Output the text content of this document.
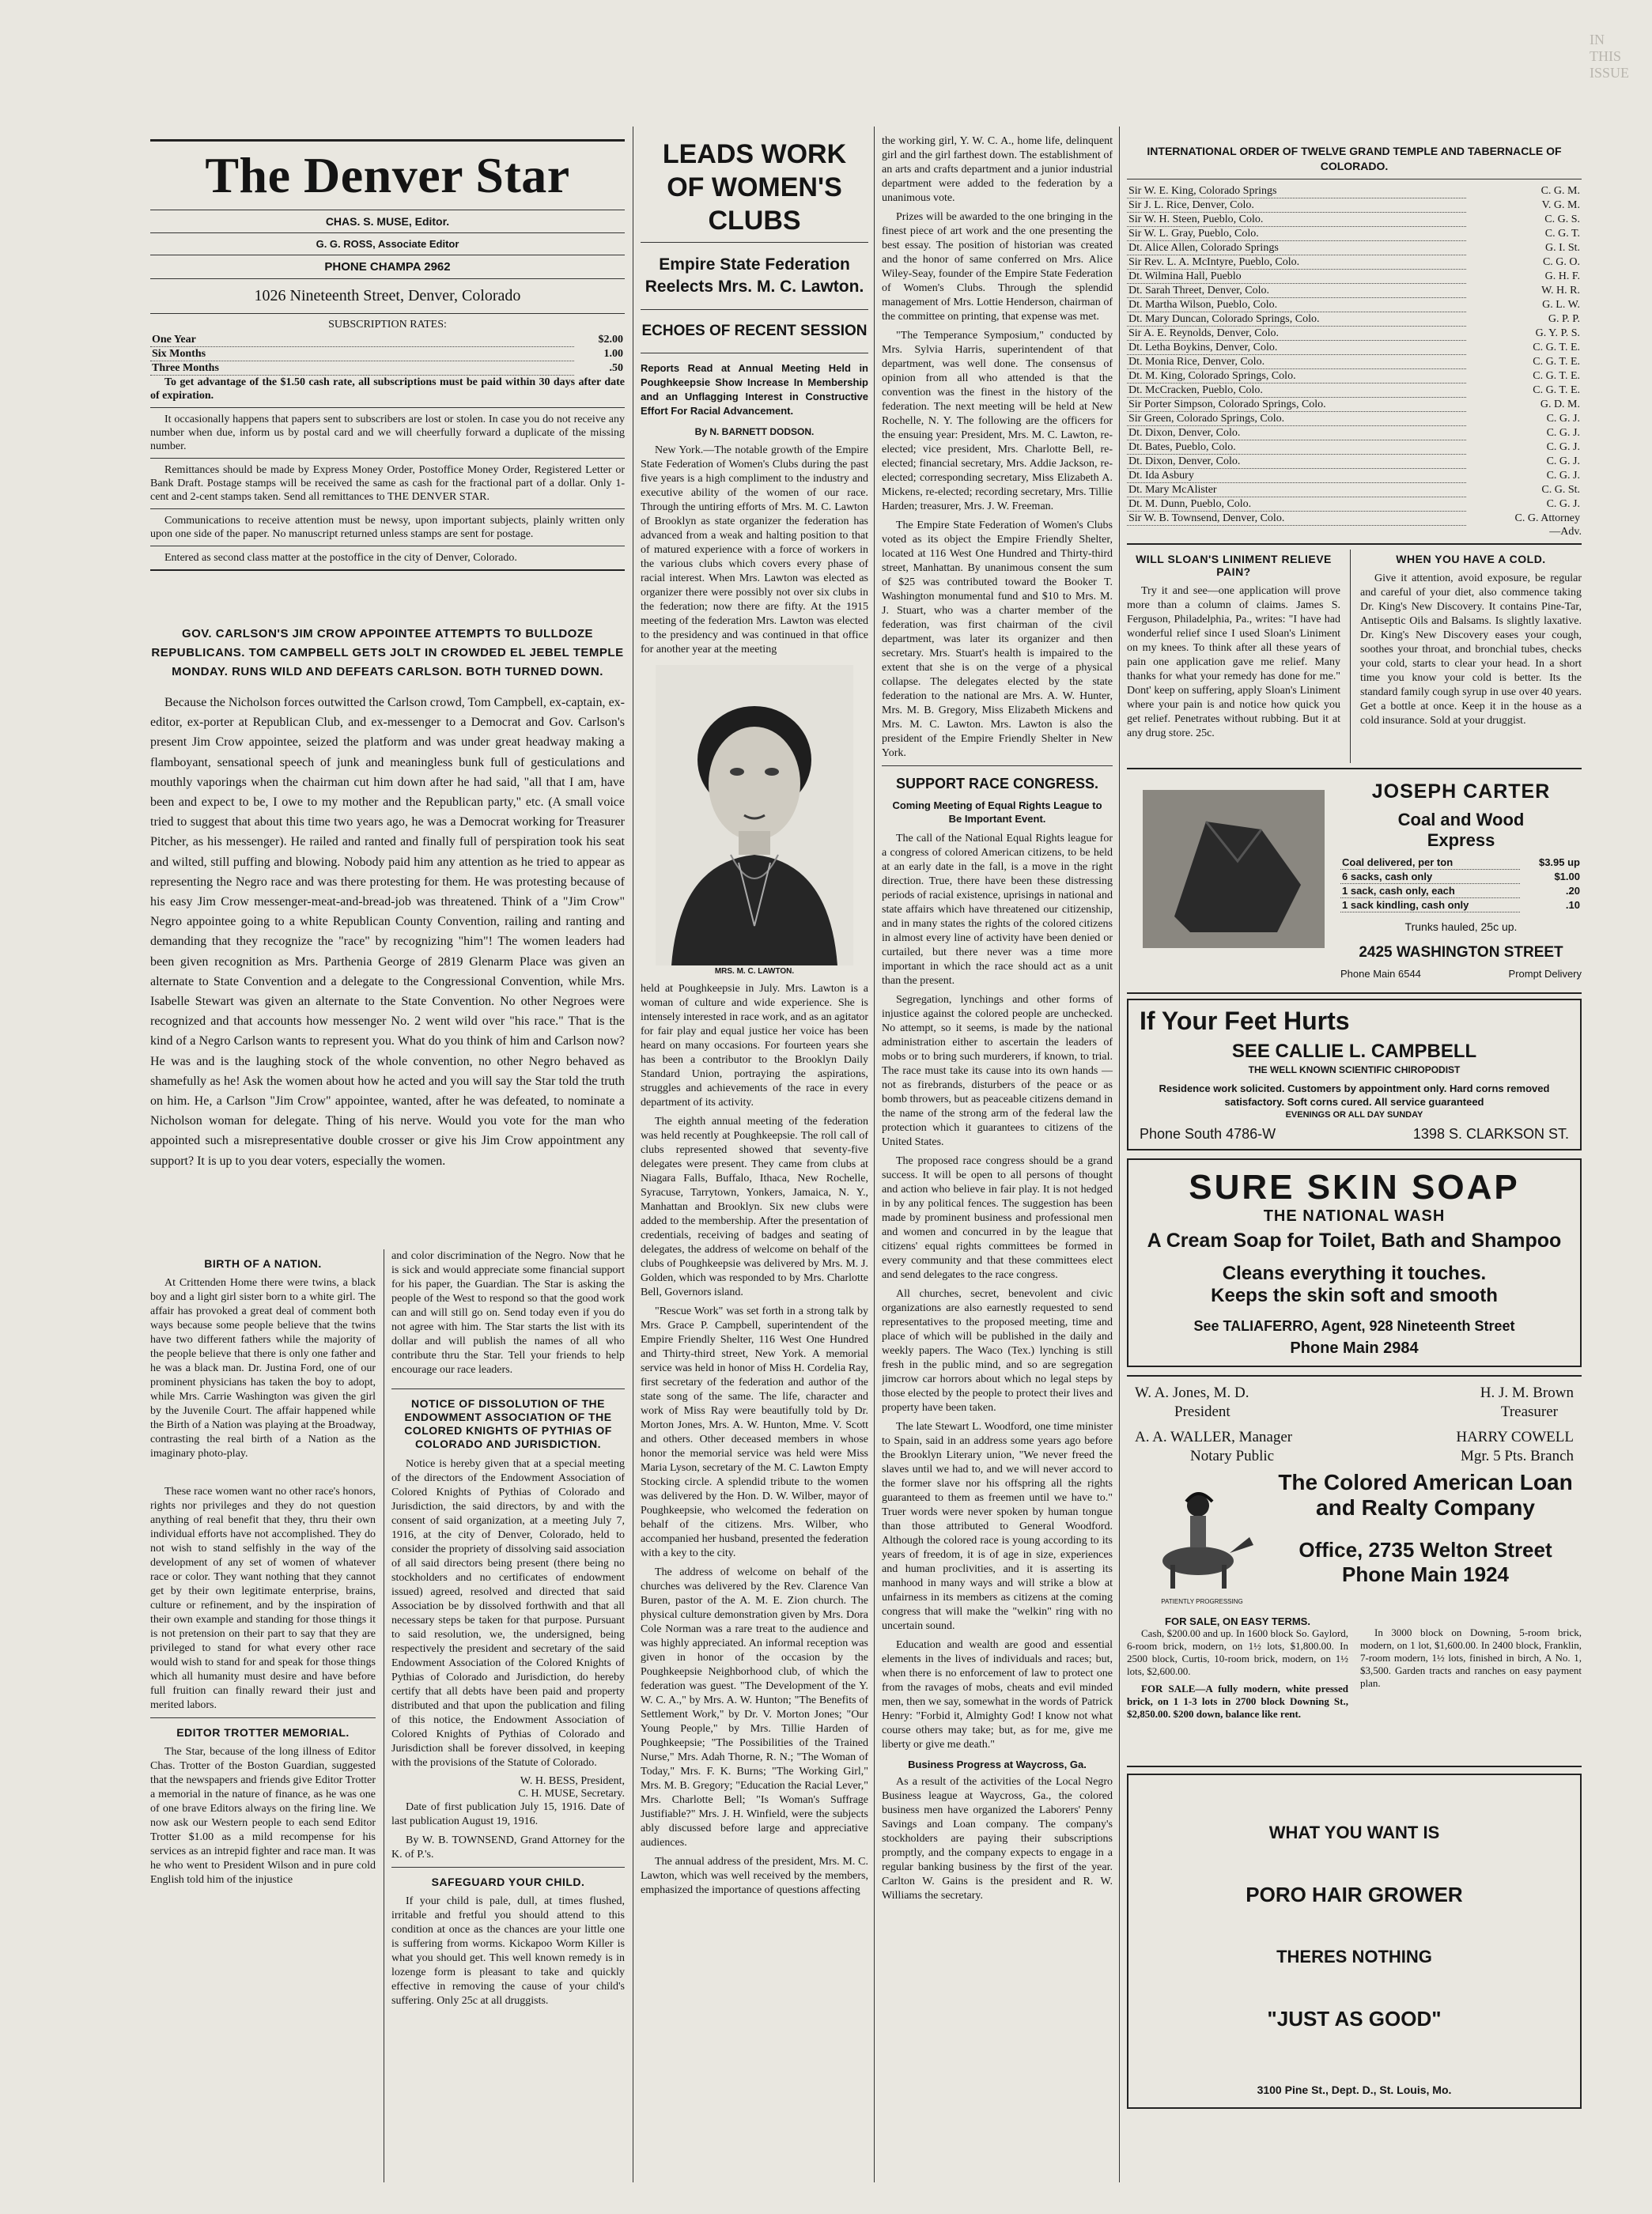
The Denver Star
CHAS. S. MUSE, Editor.
G. G. ROSS, Associate Editor
PHONE CHAMPA 2962
1026 Nineteenth Street, Denver, Colorado
SUBSCRIPTION RATES:
One Year	$2.00
Six Months	1.00
Three Months	.50

To get advantage of the $1.50 cash rate, all subscriptions must be paid within 30 days after date of expiration.

It occasionally happens that papers sent to subscribers are lost or stolen. In case you do not receive any number when due, inform us by postal card and we will cheerfully forward a duplicate of the missing number.

Remittances should be made by Express Money Order, Postoffice Money Order, Registered Letter or Bank Draft. Postage stamps will be received the same as cash for the fractional part of a dollar. Only 1-cent and 2-cent stamps taken. Send all remittances to THE DENVER STAR.

Communications to receive attention must be newsy, upon important subjects, plainly written only upon one side of the paper. No manuscript returned unless stamps are sent for postage.

Entered as second class matter at the postoffice in the city of Denver, Colorado.

GOV. CARLSON'S JIM CROW APPOINTEE ATTEMPTS TO BULLDOZE REPUBLICANS. TOM CAMPBELL GETS JOLT IN CROWDED EL JEBEL TEMPLE MONDAY. RUNS WILD AND DEFEATS CARLSON. BOTH TURNED DOWN.

Because the Nicholson forces outwitted the Carlson crowd, Tom Campbell, ex-captain, ex-editor, ex-porter at Republican Club, and ex-messenger to a Democrat and Gov. Carlson's present Jim Crow appointee, seized the platform and was under great headway making a flamboyant, sensational speech of junk and meaningless bunk full of gesticulations and mouthly vaporings when the chairman cut him down after he had said, "all that I am, have been and expect to be, I owe to my mother and the Republican party," etc. (A small voice tried to suggest that about this time two years ago, he was a Democrat working for Treasurer Pitcher, as his messenger). He railed and ranted and finally full of perspiration took his seat and wilted, still puffing and blowing. Nobody paid him any attention as he tried to appear as representing the Negro race and was there protesting for them. He was protesting because of his easy Jim Crow messenger-meat-and-bread-job was threatened. Think of a "Jim Crow" Negro appointee going to a white Republican County Convention, railing and ranting and demanding that they recognize the "race" by recognizing "him"! The women leaders had been given recognition as Mrs. Parthenia George of 2819 Glenarm Place was given an alternate to State Convention and a delegate to the Congressional Convention, while Mrs. Isabelle Stewart was given an alternate to the State Convention. No other Negroes were recognized and that accounts how messenger No. 2 went wild over "his race." That is the kind of a Negro Carlson wants to represent you. What do you think of him and Carlson now? He was and is the laughing stock of the whole convention, no other Negro behaved as shamefully as he! Ask the women about how he acted and you will say the Star told the truth on him. He, a Carlson "Jim Crow" appointee, wanted, after he was defeated, to nominate a Nicholson woman for delegate. Thing of his nerve. Would you vote for the man who appointed such a misrepresentative double crosser or give his Jim Crow appointment any support? It is up to you dear voters, especially the women.

BIRTH OF A NATION.

At Crittenden Home there were twins, a black boy and a light girl sister born to a white girl. The affair has provoked a great deal of comment both ways because some people believe that the twins have two different fathers while the majority of the people believe that there is only one father and he was a black man. Dr. Justina Ford, one of our prominent physicians has taken the boy to adopt, while Mrs. Carrie Washington was given the girl by the Juvenile Court. The affair happened while the Birth of a Nation was playing at the Broadway, contrasting the real birth of a Nation as the imaginary photo-play.

These race women want no other race's honors, rights nor privileges and they do not question anything of real benefit that they, thru their own individual efforts have not accomplished. They do not wish to stand selfishly in the way of the development of any set of women of whatever race or color. They want nothing that they cannot get by their own legitimate enterprise, brains, culture or refinement, and by the inspiration of their own example and standing for those things it is not pretension on their part to say that they are privileged to stand for what every other race would wish to stand for and speak for those things which all humanity must desire and have before full fruition can finally reward their just and merited labors.

EDITOR TROTTER MEMORIAL.

The Star, because of the long illness of Editor Chas. Trotter of the Boston Guardian, suggested that the newspapers and friends give Editor Trotter a memorial in the nature of finance, as he was one of one brave Editors always on the firing line. We now ask our Western people to each send Editor Trotter $1.00 as a mild recompense for his services as an intrepid fighter and race man. It was he who went to President Wilson and in pure cold English told him of the injustice

and color discrimination of the Negro. Now that he is sick and would appreciate some financial support for his paper, the Guardian. The Star is asking the people of the West to respond so that the good work can and will still go on. Send today even if you do not agree with him. The Star starts the list with its dollar and will publish the names of all who contribute thru the Star. Tell your friends to help encourage our race leaders.

NOTICE OF DISSOLUTION OF THE ENDOWMENT ASSOCIATION OF THE COLORED KNIGHTS OF PYTHIAS OF COLORADO AND JURISDICTION.

Notice is hereby given that at a special meeting of the directors of the Endowment Association of Colored Knights of Pythias of Colorado and Jurisdiction, the said directors, by and with the consent of said organization, at a meeting July 7, 1916, at the city of Denver, Colorado, held to consider the propriety of dissolving said association of all said directors being present (there being no stockholders and no certificates of endowment issued) agreed, resolved and directed that said Association be by dissolved forthwith and that all necessary steps be taken for that purpose. Pursuant to said resolution, we, the undersigned, being respectively the president and secretary of the said Endowment Association of the Colored Knights of Pythias of Colorado and Jurisdiction, do hereby certify that all debts have been paid and property distributed and that upon the publication and filing of this notice, the Endowment Association of Colored Knights of Pythias of Colorado and Jurisdiction shall be forever dissolved, in keeping with the provisions of the Statute of Colorado.

W. H. BESS, President,
C. H. MUSE, Secretary.

Date of first publication July 15, 1916. Date of last publication August 19, 1916.

By W. B. TOWNSEND, Grand Attorney for the K. of P.'s.

SAFEGUARD YOUR CHILD.

If your child is pale, dull, at times flushed, irritable and fretful you should attend to this condition at once as the chances are your little one is suffering from worms. Kickapoo Worm Killer is what you should get. This well known remedy is in lozenge form is pleasant to take and quickly effective in removing the cause of your child's suffering. Only 25c at all druggists.

LEADS WORK OF WOMEN'S CLUBS
Empire State Federation Reelects Mrs. M. C. Lawton.
ECHOES OF RECENT SESSION
Reports Read at Annual Meeting Held in Poughkeepsie Show Increase In Membership and an Unflagging Interest in Constructive Effort For Racial Advancement.
By N. BARNETT DODSON.

New York.—The notable growth of the Empire State Federation of Women's Clubs during the past five years is a high compliment to the industry and executive ability of the women of our race. Through the untiring efforts of Mrs. M. C. Lawton of Brooklyn as state organizer the federation has advanced from a weak and halting position to that of matured experience with a force of workers in the various clubs which covers every phase of racial interest. When Mrs. Lawton was elected as organizer there were possibly not over six clubs in the federation; now there are fifty. At the 1915 meeting of the federation Mrs. Lawton was elected to the presidency and was continued in that office for another year at the meeting

MRS. M. C. LAWTON.

held at Poughkeepsie in July. Mrs. Lawton is a woman of culture and wide experience. She is intensely interested in race work, and as an agitator for fair play and equal justice her voice has been heard on many occasions. For fourteen years she has been a contributor to the Brooklyn Daily Standard Union, portraying the aspirations, struggles and achievements of the race in every department of its activity.

The eighth annual meeting of the federation was held recently at Poughkeepsie. The roll call of clubs represented showed that seventy-five delegates were present. They came from clubs at Niagara Falls, Buffalo, Ithaca, New Rochelle, Syracuse, Tarrytown, Yonkers, Jamaica, N. Y., Manhattan and Brooklyn. Six new clubs were added to the membership. After the presentation of credentials, receiving of badges and seating of delegates, the address of welcome on behalf of the clubs of Poughkeepsie was delivered by Mrs. M. J. Golden, which was responded to by Mrs. Charlotte Bell, Governors island.

"Rescue Work" was set forth in a strong talk by Mrs. Grace P. Campbell, superintendent of the Empire Friendly Shelter, 116 West One Hundred and Thirty-third street, New York. A memorial service was held in honor of Miss H. Cordelia Ray, first secretary of the federation and author of the state song of the same. The life, character and work of Miss Ray were beautifully told by Dr. Morton Jones, Mrs. A. W. Hunton, Mme. V. Scott and others. Other deceased members in whose honor the memorial service was held were Miss Maria Lyson, secretary of the M. C. Lawton Empty Stocking circle. A splendid tribute to the women was delivered by the Hon. D. W. Wilber, mayor of Poughkeepsie, who welcomed the federation on behalf of the citizens. Mrs. Wilber, who accompanied her husband, presented the federation with a key to the city.

The address of welcome on behalf of the churches was delivered by the Rev. Clarence Van Buren, pastor of the A. M. E. Zion church. The physical culture demonstration given by Mrs. Dora Cole Norman was a rare treat to the audience and was highly appreciated. An informal reception was given in honor of the occasion by the Poughkeepsie Neighborhood club, of which the federation was guest. "The Development of the Y. W. C. A.," by Mrs. A. W. Hunton; "The Benefits of Settlement Work," by Dr. V. Morton Jones; "Our Young People," by Mrs. Tillie Harden of Poughkeepsie; "The Possibilities of the Trained Nurse," Mrs. Adah Thorne, R. N.; "The Woman of Today," Mrs. F. K. Burns; "The Working Girl," Mrs. M. B. Gregory; "Education the Racial Lever," Mrs. Charlotte Bell; "Is Woman's Suffrage Justifiable?" Mrs. J. H. Winfield, were the subjects ably discussed before large and appreciative audiences.

The annual address of the president, Mrs. M. C. Lawton, which was well received by the members, emphasized the importance of questions affecting

the working girl, Y. W. C. A., home life, delinquent girl and the girl farthest down. The establishment of an arts and crafts department and a junior industrial department were added to the federation by a unanimous vote.

Prizes will be awarded to the one bringing in the finest piece of art work and the one presenting the best essay. The position of historian was created and the honor of same conferred on Mrs. Alice Wiley-Seay, founder of the Empire State Federation of Women's Clubs. Through the splendid management of Mrs. Lottie Henderson, chairman of the committee on printing, that expense was met.

"The Temperance Symposium," conducted by Mrs. Sylvia Harris, superintendent of that department, was well done. The consensus of opinion from all who attended is that the convention was the finest in the history of the federation. The next meeting will be held at New Rochelle, N. Y. The following are the officers for the ensuing year: President, Mrs. M. C. Lawton, re-elected; vice president, Mrs. Charlotte Bell, re-elected; financial secretary, Mrs. Addie Jackson, re-elected; corresponding secretary, Miss Elizabeth A. Mickens, re-elected; recording secretary, Mrs. Tillie Harden; treasurer, Mrs. J. W. Freeman.

The Empire State Federation of Women's Clubs voted as its object the Empire Friendly Shelter, located at 116 West One Hundred and Thirty-third street, Manhattan. By unanimous consent the sum of $25 was contributed toward the Booker T. Washington monumental fund and $10 to Mrs. M. J. Stuart, who was a charter member of the federation, was first chairman of the civil department, was later its organizer and then secretary. Mrs. Stuart's health is impaired to the extent that she is on the verge of a physical collapse. The delegates elected by the state federation to the national are Mrs. A. W. Hunter, Mrs. M. B. Gregory, Miss Elizabeth Mickens and Mrs. M. C. Lawton. Mrs. Lawton is also the president of the Empire Friendly Shelter in New York.

SUPPORT RACE CONGRESS.
Coming Meeting of Equal Rights League to Be Important Event.

The call of the National Equal Rights league for a congress of colored American citizens, to be held at an early date in the fall, is a move in the right direction. True, there have been these distressing periods of racial existence, uprisings in national and state affairs which have threatened our citizenship, and in many states the rights of the colored citizens in almost every line of activity have been denied or curtailed, but there never was a time more important in which the race should act as a unit than the present.

Segregation, lynchings and other forms of injustice against the colored people are unchecked. No attempt, so it seems, is made by the national administration either to ascertain the leaders of mobs or to bring such murderers, if known, to trial. The race must take its cause into its own hands —not as firebrands, disturbers of the peace or as bomb throwers, but as peaceable citizens demand in the name of the strong arm of the federal law the protection which it guarantees to citizens of the United States.

The proposed race congress should be a grand success. It will be open to all persons of thought and action who believe in fair play. It is not hedged in by any political fences. The suggestion has been made by prominent business and professional men and women and concurred in by the league that citizens' equal rights committees be formed in every community and that these committees elect and send delegates to the race congress.

All churches, secret, benevolent and civic organizations are also earnestly requested to send representatives to the proposed meeting, time and place of which will be published in the daily and weekly papers. The Waco (Tex.) lynching is still fresh in the public mind, and so are segregation jimcrow car horrors about which no legal steps by those elected by the people to protect their lives and property have been taken.

The late Stewart L. Woodford, one time minister to Spain, said in an address some years ago before the Brooklyn Literary union, "We never freed the slaves until we had to, and we will never accord to the former slave nor his offspring all the rights guaranteed to them as freemen until we have to." Truer words were never spoken by human tongue than those attributed to General Woodford. Although the colored race is young according to its years of freedom, it is of age in size, experiences and human proclivities, and it is asserting its manhood in many ways and will strike a blow at unfairness in its members as citizens at the coming congress that will make the "welkin" ring with no uncertain sound.

Education and wealth are good and essential elements in the lives of individuals and races; but, when there is no enforcement of law to protect one from the ravages of mobs, cheats and evil minded men, then we say, somewhat in the words of Patrick Henry: "Forbid it, Almighty God! I know not what course others may take; but, as for me, give me liberty or give me death."

Business Progress at Waycross, Ga.

As a result of the activities of the Local Negro Business league at Waycross, Ga., the colored business men have organized the Laborers' Penny Savings and Loan company. The company's stockholders are paying their subscriptions promptly, and the company expects to engage in a regular banking business by the first of the year. Carlton W. Gains is the president and R. W. Williams the secretary.

INTERNATIONAL ORDER OF TWELVE GRAND TEMPLE AND TABERNACLE OF COLORADO.
Sir W. E. King, Colorado Springs	C. G. M.
Sir J. L. Rice, Denver, Colo.	V. G. M.
Sir W. H. Steen, Pueblo, Colo.	C. G. S.
Sir W. L. Gray, Pueblo, Colo.	C. G. T.
Dt. Alice Allen, Colorado Springs	G. I. St.
Sir Rev. L. A. McIntyre, Pueblo, Colo.	C. G. O.
Dt. Wilmina Hall, Pueblo	G. H. F.
Dt. Sarah Threet, Denver, Colo.	W. H. R.
Dt. Martha Wilson, Pueblo, Colo.	G. L. W.
Dt. Mary Duncan, Colorado Springs, Colo.	G. P. P.
Sir A. E. Reynolds, Denver, Colo.	G. Y. P. S.
Dt. Letha Boykins, Denver, Colo.	C. G. T. E.
Dt. Monia Rice, Denver, Colo.	C. G. T. E.
Dt. M. King, Colorado Springs, Colo.	C. G. T. E.
Dt. McCracken, Pueblo, Colo.	C. G. T. E.
Sir Porter Simpson, Colorado Springs, Colo.	G. D. M.
Sir Green, Colorado Springs, Colo.	C. G. J.
Dt. Dixon, Denver, Colo.	C. G. J.
Dt. Bates, Pueblo, Colo.	C. G. J.
Dt. Dixon, Denver, Colo.	C. G. J.
Dt. Ida Asbury	C. G. J.
Dt. Mary McAlister	C. G. St.
Dt. M. Dunn, Pueblo, Colo.	C. G. J.
Sir W. B. Townsend, Denver, Colo.	C. G. Attorney
—Adv.
WILL SLOAN'S LINIMENT RELIEVE PAIN?

Try it and see—one application will prove more than a column of claims. James S. Ferguson, Philadelphia, Pa., writes: "I have had wonderful relief since I used Sloan's Liniment on my knees. To think after all these years of pain one application gave me relief. Many thanks for what your remedy has done for me." Dont' keep on suffering, apply Sloan's Liniment where your pain is and notice how quick you get relief. Penetrates without rubbing. But it at any drug store. 25c.

WHEN YOU HAVE A COLD.

Give it attention, avoid exposure, be regular and careful of your diet, also commence taking Dr. King's New Discovery. It contains Pine-Tar, Antiseptic Oils and Balsams. Is slightly laxative. Dr. King's New Discovery eases your cough, soothes your throat, and bronchial tubes, checks your cold, starts to clear your head. In a short time you know your cold is better. Its the standard family cough syrup in use over 40 years. Get a bottle at once. Keep it in the house as a cold insurance. Sold at your druggist.

JOSEPH CARTER
Coal and Wood
Express
Coal delivered, per ton	$3.95 up
6 sacks, cash only	$1.00
1 sack, cash only, each	.20
1 sack kindling, cash only	.10
Trunks hauled, 25c up.
2425 WASHINGTON STREET
Phone Main 6544	Prompt Delivery
If Your Feet Hurts
SEE CALLIE L. CAMPBELL
THE WELL KNOWN SCIENTIFIC CHIROPODIST
Residence work solicited. Customers by appointment only. Hard corns removed satisfactory. Soft corns cured. All service guaranteed
EVENINGS OR ALL DAY SUNDAY
Phone South 4786-W	1398 S. CLARKSON ST.
SURE SKIN SOAP
THE NATIONAL WASH
A Cream Soap for Toilet, Bath and Shampoo
Cleans everything it touches.
Keeps the skin soft and smooth
See TALIAFERRO, Agent, 928 Nineteenth Street
Phone Main 2984
W. A. Jones, M. D.
President
H. J. M. Brown
Treasurer
A. A. WALLER, Manager
Notary Public
HARRY COWELL
Mgr. 5 Pts. Branch
PATIENTLY PROGRESSING
The Colored American Loan
and Realty Company
Office, 2735 Welton Street
Phone Main 1924
FOR SALE, ON EASY TERMS.

Cash, $200.00 and up. In 1600 block So. Gaylord, 6-room brick, modern, on 1½ lots, $1,800.00. In 2500 block, Curtis, 10-room brick, modern, on 1½ lots, $2,600.00.

FOR SALE—A fully modern, white pressed brick, on 1 1-3 lots in 2700 block Downing St., $2,850.00. $200 down, balance like rent.

In 3000 block on Downing, 5-room brick, modern, on 1 lot, $1,600.00. In 2400 block, Franklin, 7-room modern, 1½ lots, finished in birch, A No. 1, $3,500. Garden tracts and ranches on easy payment plan.

WHAT YOU WANT IS
PORO HAIR GROWER
THERES NOTHING
"JUST AS GOOD"
3100 Pine St., Dept. D., St. Louis, Mo.
IN THIS ISSUE
